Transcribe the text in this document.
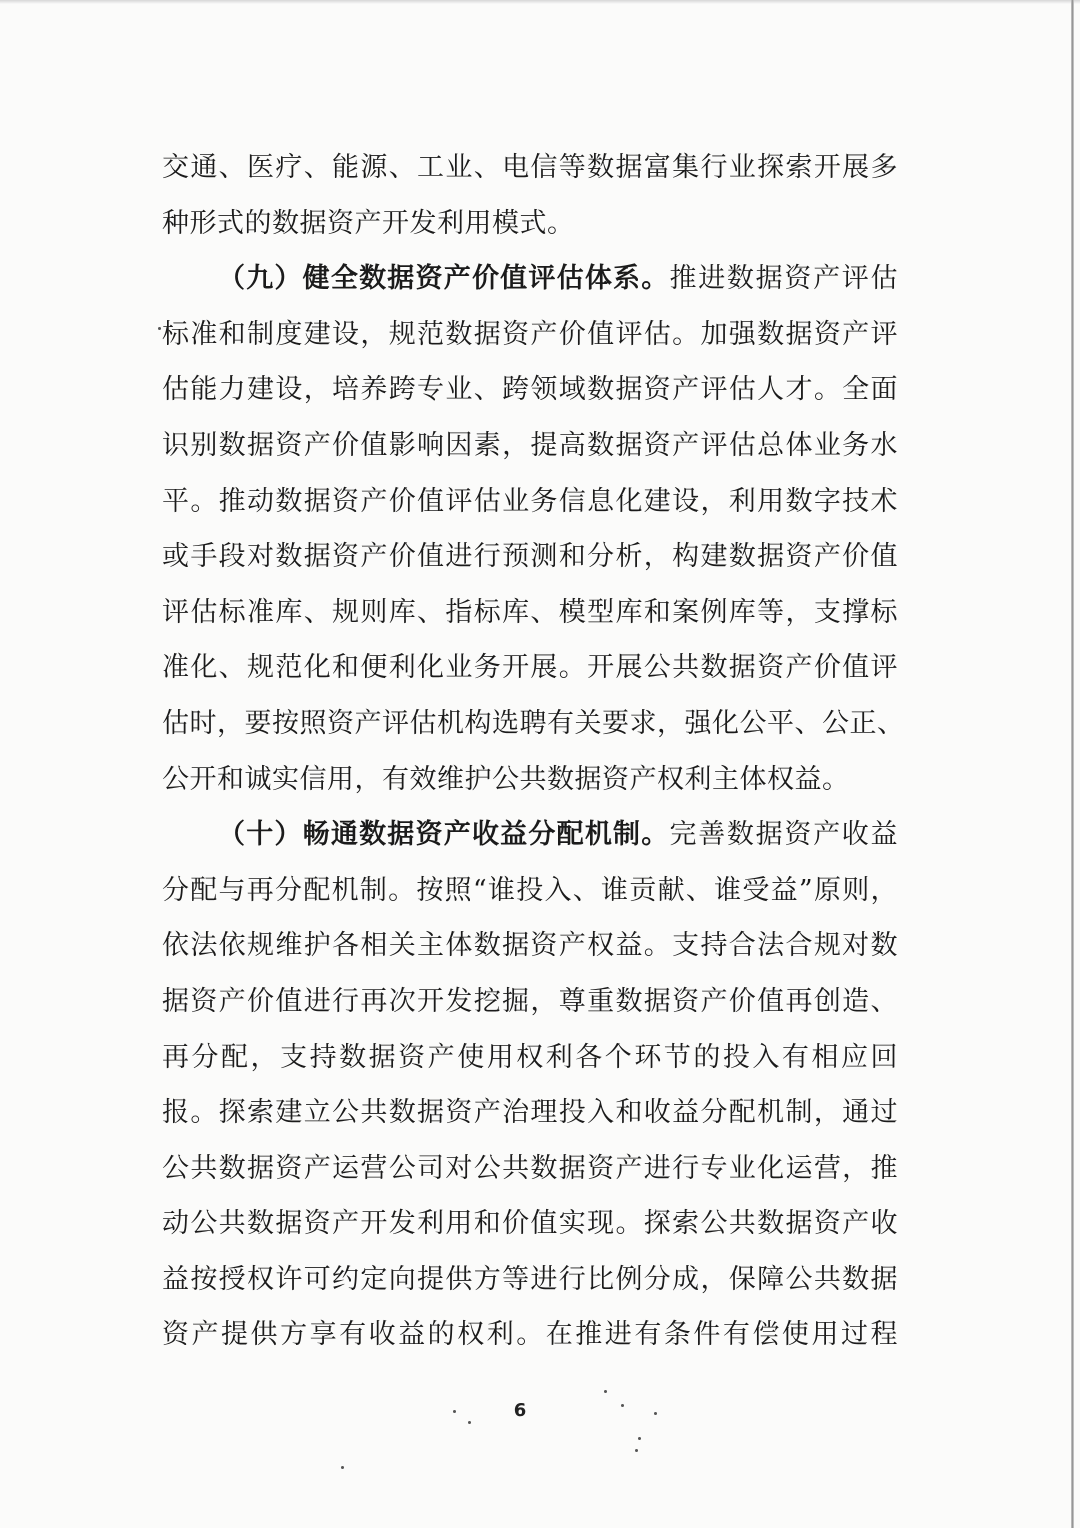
交通、医疗、能源、工业、电信等数据富集行业探索开展多
种形式的数据资产开发利用模式。
（九）健全数据资产价值评估体系。推进数据资产评估
标准和制度建设，规范数据资产价值评估。加强数据资产评
估能力建设，培养跨专业、跨领域数据资产评估人才。全面
识别数据资产价值影响因素，提高数据资产评估总体业务水
平。推动数据资产价值评估业务信息化建设，利用数字技术
或手段对数据资产价值进行预测和分析，构建数据资产价值
评估标准库、规则库、指标库、模型库和案例库等，支撑标
准化、规范化和便利化业务开展。开展公共数据资产价值评
估时，要按照资产评估机构选聘有关要求，强化公平、公正、
公开和诚实信用，有效维护公共数据资产权利主体权益。
（十）畅通数据资产收益分配机制。完善数据资产收益
分配与再分配机制。按照“谁投入、谁贡献、谁受益”原则，
依法依规维护各相关主体数据资产权益。支持合法合规对数
据资产价值进行再次开发挖掘，尊重数据资产价值再创造、
再分配，支持数据资产使用权利各个环节的投入有相应回
报。探索建立公共数据资产治理投入和收益分配机制，通过
公共数据资产运营公司对公共数据资产进行专业化运营，推
动公共数据资产开发利用和价值实现。探索公共数据资产收
益按授权许可约定向提供方等进行比例分成，保障公共数据
资产提供方享有收益的权利。在推进有条件有偿使用过程
6
